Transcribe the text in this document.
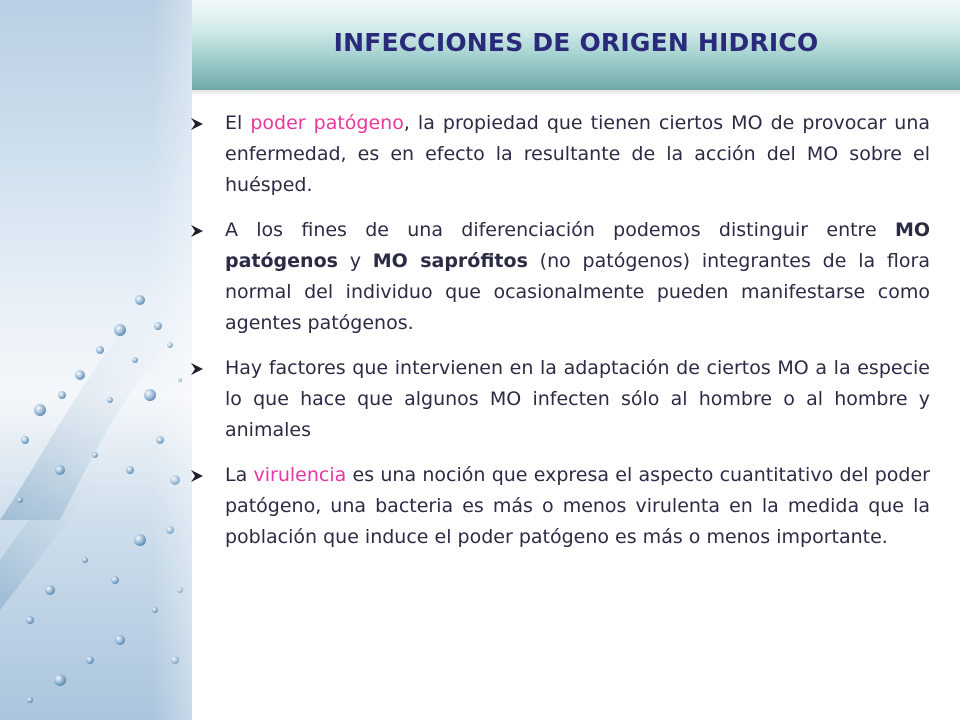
INFECCIONES DE ORIGEN HIDRICO
El poder patógeno, la propiedad que tienen ciertos MO de provocar una enfermedad, es en efecto la resultante de la acción del MO sobre el huésped.
A los fines de una diferenciación podemos distinguir entre MO patógenos y MO saprófitos (no patógenos) integrantes de la flora normal del individuo que ocasionalmente pueden manifestarse como agentes patógenos.
Hay factores que intervienen en la adaptación de ciertos MO a la especie lo que hace que algunos MO infecten sólo al hombre o al hombre y animales
La virulencia es una noción que expresa el aspecto cuantitativo del poder patógeno, una bacteria es más o menos virulenta en la medida que la población que induce el poder patógeno es más o menos importante.
